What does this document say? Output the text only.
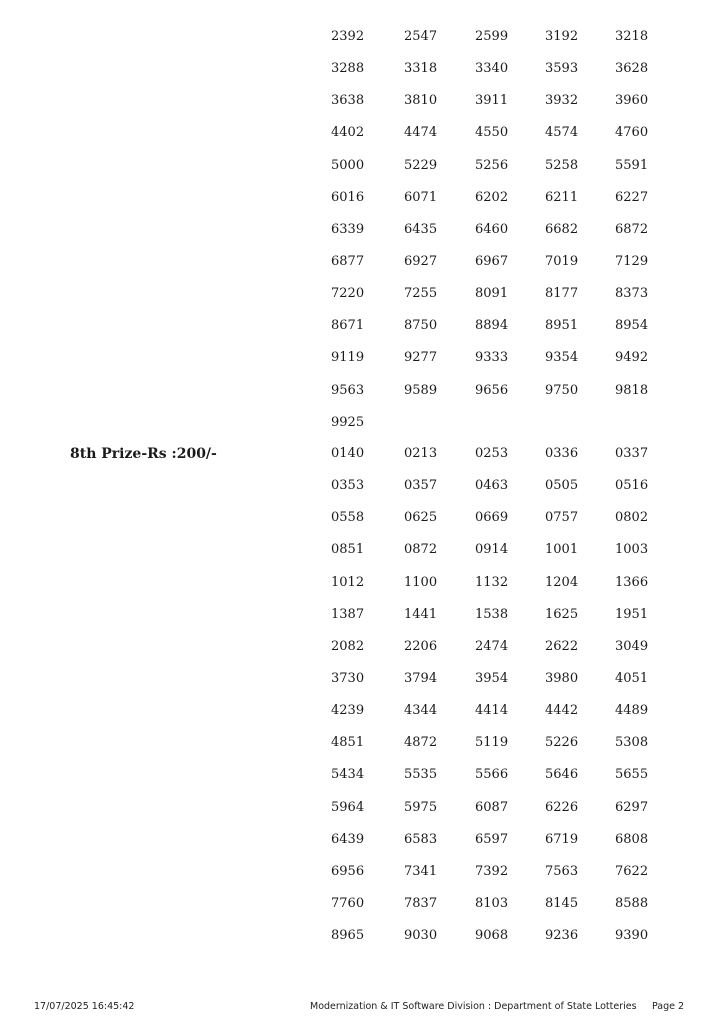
2392	2547	2599	3192	3218
3288	3318	3340	3593	3628
3638	3810	3911	3932	3960
4402	4474	4550	4574	4760
5000	5229	5256	5258	5591
6016	6071	6202	6211	6227
6339	6435	6460	6682	6872
6877	6927	6967	7019	7129
7220	7255	8091	8177	8373
8671	8750	8894	8951	8954
9119	9277	9333	9354	9492
9563	9589	9656	9750	9818
9925
8th Prize-Rs :200/-	0140	0213	0253	0336	0337
0353	0357	0463	0505	0516
0558	0625	0669	0757	0802
0851	0872	0914	1001	1003
1012	1100	1132	1204	1366
1387	1441	1538	1625	1951
2082	2206	2474	2622	3049
3730	3794	3954	3980	4051
4239	4344	4414	4442	4489
4851	4872	5119	5226	5308
5434	5535	5566	5646	5655
5964	5975	6087	6226	6297
6439	6583	6597	6719	6808
6956	7341	7392	7563	7622
7760	7837	8103	8145	8588
8965	9030	9068	9236	9390
17/07/2025 16:45:42	Modernization & IT Software Division : Department of State Lotteries Page 2
